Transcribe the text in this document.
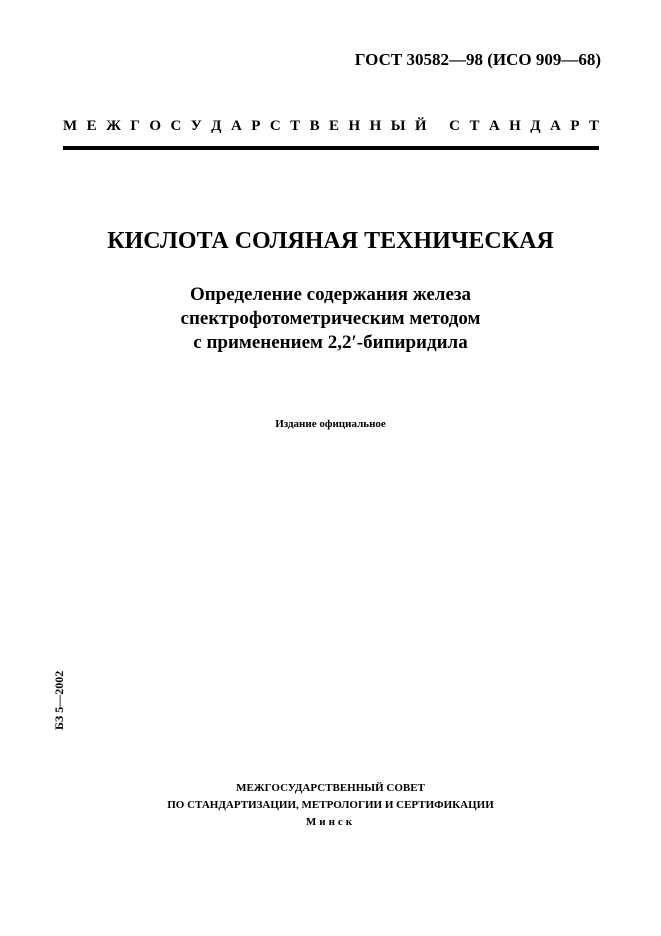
ГОСТ 30582—98 (ИСО 909—68)
М Е Ж Г О С У Д А Р С Т В Е Н Н Ы Й
С Т А Н Д А Р Т
КИСЛОТА СОЛЯНАЯ ТЕХНИЧЕСКАЯ
Определение содержания железа
спектрофотометрическим методом
с применением 2,2′-бипиридила
Издание официальное
БЗ 5—2002
МЕЖГОСУДАРСТВЕННЫЙ СОВЕТ
ПО СТАНДАРТИЗАЦИИ, МЕТРОЛОГИИ И СЕРТИФИКАЦИИ
Минск
